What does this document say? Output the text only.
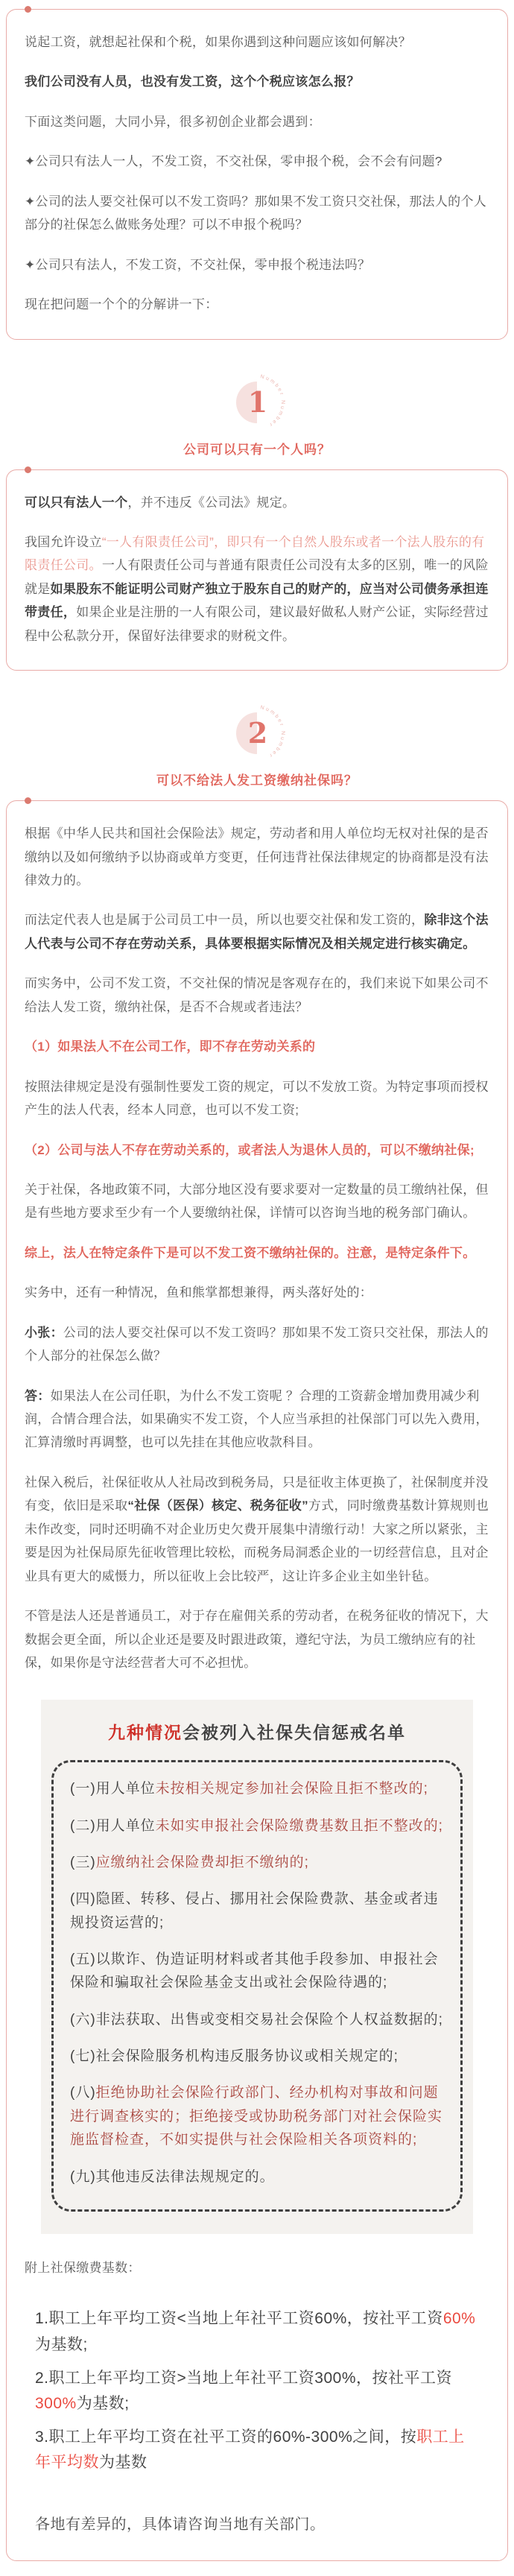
说起工资，就想起社保和个税，如果你遇到这种问题应该如何解决？

我们公司没有人员，也没有发工资，这个个税应该怎么报？

下面这类问题，大同小异，很多初创企业都会遇到：

✦公司只有法人一人，不发工资，不交社保，零申报个税，会不会有问题?

✦公司的法人要交社保可以不发工资吗？那如果不发工资只交社保，那法人的个人部分的社保怎么做账务处理？可以不申报个税吗？

✦公司只有法人，不发工资，不交社保，零申报个税违法吗？

现在把问题一个个的分解讲一下：

Number Number
1
公司可以只有一个人吗？

可以只有法人一个，并不违反《公司法》规定。

我国允许设立“一人有限责任公司”，即只有一个自然人股东或者一个法人股东的有限责任公司。一人有限责任公司与普通有限责任公司没有太多的区别，唯一的风险就是如果股东不能证明公司财产独立于股东自己的财产的，应当对公司债务承担连带责任，如果企业是注册的一人有限公司，建议最好做私人财产公证，实际经营过程中公私款分开，保留好法律要求的财税文件。

Number Number
2
可以不给法人发工资缴纳社保吗？

根据《中华人民共和国社会保险法》规定，劳动者和用人单位均无权对社保的是否缴纳以及如何缴纳予以协商或单方变更，任何违背社保法律规定的协商都是没有法律效力的。

而法定代表人也是属于公司员工中一员，所以也要交社保和发工资的，除非这个法人代表与公司不存在劳动关系，具体要根据实际情况及相关规定进行核实确定。

而实务中，公司不发工资，不交社保的情况是客观存在的，我们来说下如果公司不给法人发工资，缴纳社保，是否不合规或者违法？

（1）如果法人不在公司工作，即不存在劳动关系的

按照法律规定是没有强制性要发工资的规定，可以不发放工资。为特定事项而授权产生的法人代表，经本人同意，也可以不发工资;

（2）公司与法人不存在劳动关系的，或者法人为退休人员的，可以不缴纳社保;

关于社保，各地政策不同，大部分地区没有要求要对一定数量的员工缴纳社保，但是有些地方要求至少有一个人要缴纳社保，详情可以咨询当地的税务部门确认。

综上，法人在特定条件下是可以不发工资不缴纳社保的。注意，是特定条件下。

实务中，还有一种情况，鱼和熊掌都想兼得，两头落好处的：

小张：公司的法人要交社保可以不发工资吗？那如果不发工资只交社保，那法人的个人部分的社保怎么做？

答：如果法人在公司任职，为什么不发工资呢 ？合理的工资薪金增加费用减少利润，合情合理合法，如果确实不发工资，个人应当承担的社保部门可以先入费用，汇算清缴时再调整，也可以先挂在其他应收款科目。

社保入税后，社保征收从人社局改到税务局，只是征收主体更换了，社保制度并没有变，依旧是采取“社保（医保）核定、税务征收”方式，同时缴费基数计算规则也未作改变，同时还明确不对企业历史欠费开展集中清缴行动！大家之所以紧张，主要是因为社保局原先征收管理比较松，而税务局洞悉企业的一切经营信息，且对企业具有更大的威慑力，所以征收上会比较严，这让许多企业主如坐针毡。

不管是法人还是普通员工，对于存在雇佣关系的劳动者，在税务征收的情况下，大数据会更全面，所以企业还是要及时跟进政策，遵纪守法，为员工缴纳应有的社保，如果你是守法经营者大可不必担忧。

九种情况会被列入社保失信惩戒名单
(一)用人单位未按相关规定参加社会保险且拒不整改的;
(二)用人单位未如实申报社会保险缴费基数且拒不整改的;
(三)应缴纳社会保险费却拒不缴纳的;
(四)隐匿、转移、侵占、挪用社会保险费款、基金或者违规投资运营的;
(五)以欺诈、伪造证明材料或者其他手段参加、申报社会保险和骗取社会保险基金支出或社会保险待遇的;
(六)非法获取、出售或变相交易社会保险个人权益数据的;
(七)社会保险服务机构违反服务协议或相关规定的;
(八)拒绝协助社会保险行政部门、经办机构对事故和问题进行调查核实的；拒绝接受或协助税务部门对社会保险实施监督检查，不如实提供与社会保险相关各项资料的;
(九)其他违反法律法规规定的。

附上社保缴费基数：

1.职工上年平均工资<当地上年社平工资60%，按社平工资60%为基数;

2.职工上年平均工资>当地上年社平工资300%，按社平工资300%为基数;

3.职工上年平均工资在社平工资的60%-300%之间，按职工上年平均数为基数

各地有差异的，具体请咨询当地有关部门。
